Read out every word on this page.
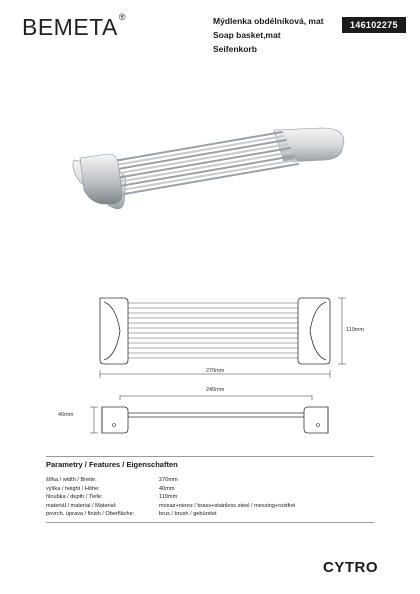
BEMETA®	Mýdlenka obdélníková, mat
Soap basket,mat
Seifenkorb
146102275
110mm
270mm
240mm
40mm
Parametry / Features / Eigenschaften
šířka / width / Breite:	270mm
výška / height / Höhe:	40mm
hloubka / depth / Tiefe:	110mm
materiál / material / Material:	mosaz+nerez / brass+stainless steel / messing+rostfrei
povrch. úprava / finish / Oberfläche:	brus / brush / gebürstet
CYTRO
